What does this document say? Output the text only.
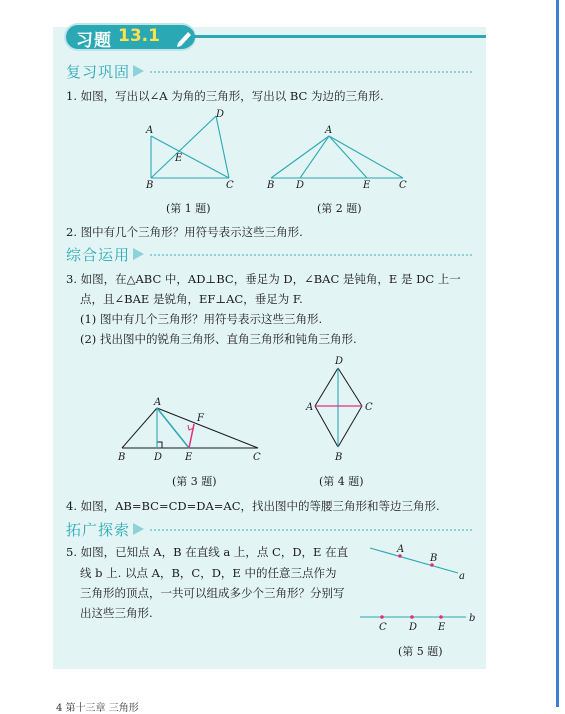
习题 13.1
复习巩固
1. 如图，写出以∠A 为角的三角形，写出以 BC 为边的三角形.
A
D
E
B	C
(第 1 题)
A
B D	E	C
(第 2 题)
2. 图中有几个三角形？用符号表示这些三角形.
综合运用
3. 如图，在△ABC 中，AD⊥BC，垂足为 D，∠BAC 是钝角，E 是 DC 上一
点，且∠BAE 是锐角，EF⊥AC，垂足为 F.
(1) 图中有几个三角形？用符号表示这些三角形.
(2) 找出图中的锐角三角形、直角三角形和钝角三角形.
A
F
B	D E	C
(第 3 题)
D
A	C
B
(第 4 题)
4. 如图，AB=BC=CD=DA=AC，找出图中的等腰三角形和等边三角形.
拓广探索
5. 如图，已知点 A，B 在直线 a 上，点 C，D，E 在直
线 b 上. 以点 A，B，C，D，E 中的任意三点作为
三角形的顶点，一共可以组成多少个三角形？分别写
出这些三角形.
A
B
a
C D E
b
(第 5 题)
4 第十三章 三角形
